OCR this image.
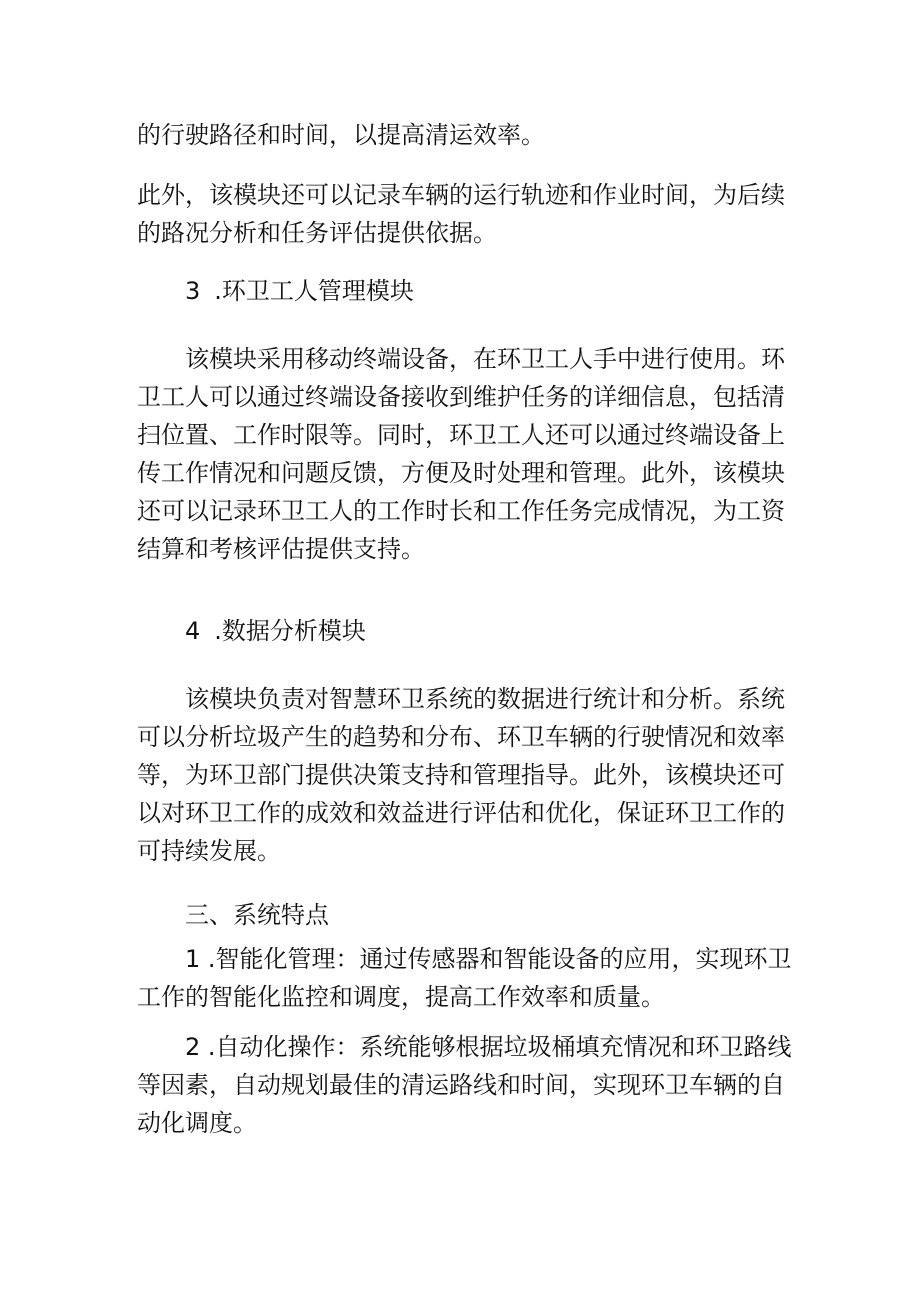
的行驶路径和时间，以提高清运效率。

此外，该模块还可以记录车辆的运行轨迹和作业时间，为后续的路况分析和任务评估提供依据。

3 .环卫工人管理模块

该模块采用移动终端设备，在环卫工人手中进行使用。环卫工人可以通过终端设备接收到维护任务的详细信息，包括清扫位置、工作时限等。同时，环卫工人还可以通过终端设备上传工作情况和问题反馈，方便及时处理和管理。此外，该模块还可以记录环卫工人的工作时长和工作任务完成情况，为工资结算和考核评估提供支持。

4 .数据分析模块

该模块负责对智慧环卫系统的数据进行统计和分析。系统可以分析垃圾产生的趋势和分布、环卫车辆的行驶情况和效率等，为环卫部门提供决策支持和管理指导。此外，该模块还可以对环卫工作的成效和效益进行评估和优化，保证环卫工作的可持续发展。

三、系统特点

1 .智能化管理：通过传感器和智能设备的应用，实现环卫工作的智能化监控和调度，提高工作效率和质量。

2 .自动化操作：系统能够根据垃圾桶填充情况和环卫路线等因素，自动规划最佳的清运路线和时间，实现环卫车辆的自动化调度。
